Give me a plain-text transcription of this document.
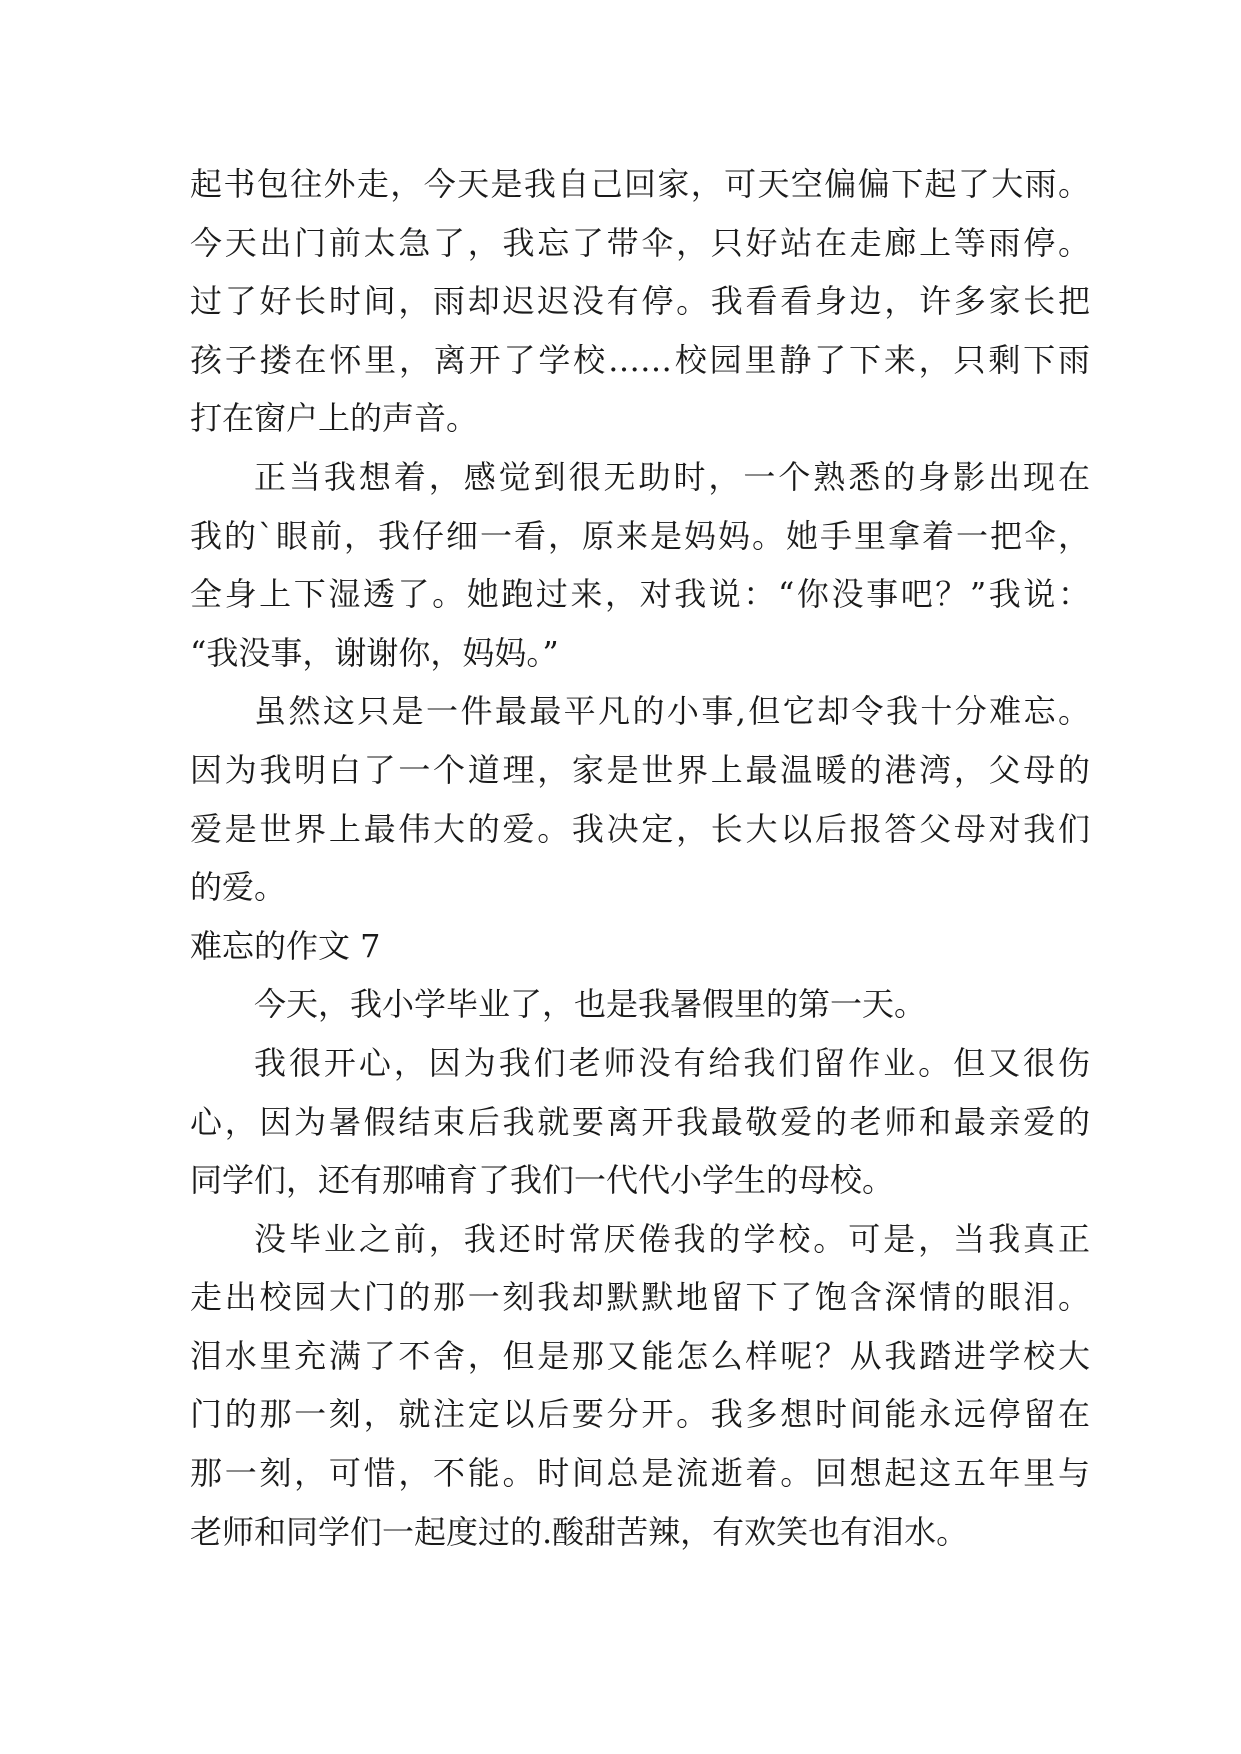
起书包往外走，今天是我自己回家，可天空偏偏下起了大雨。
今天出门前太急了，我忘了带伞，只好站在走廊上等雨停。
过了好长时间，雨却迟迟没有停。我看看身边，许多家长把
孩子搂在怀里，离开了学校……校园里静了下来，只剩下雨
打在窗户上的声音。
正当我想着，感觉到很无助时，一个熟悉的身影出现在
我的`眼前，我仔细一看，原来是妈妈。她手里拿着一把伞，
全身上下湿透了。她跑过来，对我说：“你没事吧？”我说：
“我没事，谢谢你，妈妈。”
虽然这只是一件最最平凡的小事,但它却令我十分难忘。
因为我明白了一个道理，家是世界上最温暖的港湾，父母的
爱是世界上最伟大的爱。我决定，长大以后报答父母对我们
的爱。
难忘的作文 7
今天，我小学毕业了，也是我暑假里的第一天。
我很开心，因为我们老师没有给我们留作业。但又很伤
心，因为暑假结束后我就要离开我最敬爱的老师和最亲爱的
同学们，还有那哺育了我们一代代小学生的母校。
没毕业之前，我还时常厌倦我的学校。可是，当我真正
走出校园大门的那一刻我却默默地留下了饱含深情的眼泪。
泪水里充满了不舍，但是那又能怎么样呢？从我踏进学校大
门的那一刻，就注定以后要分开。我多想时间能永远停留在
那一刻，可惜，不能。时间总是流逝着。回想起这五年里与
老师和同学们一起度过的.酸甜苦辣，有欢笑也有泪水。
